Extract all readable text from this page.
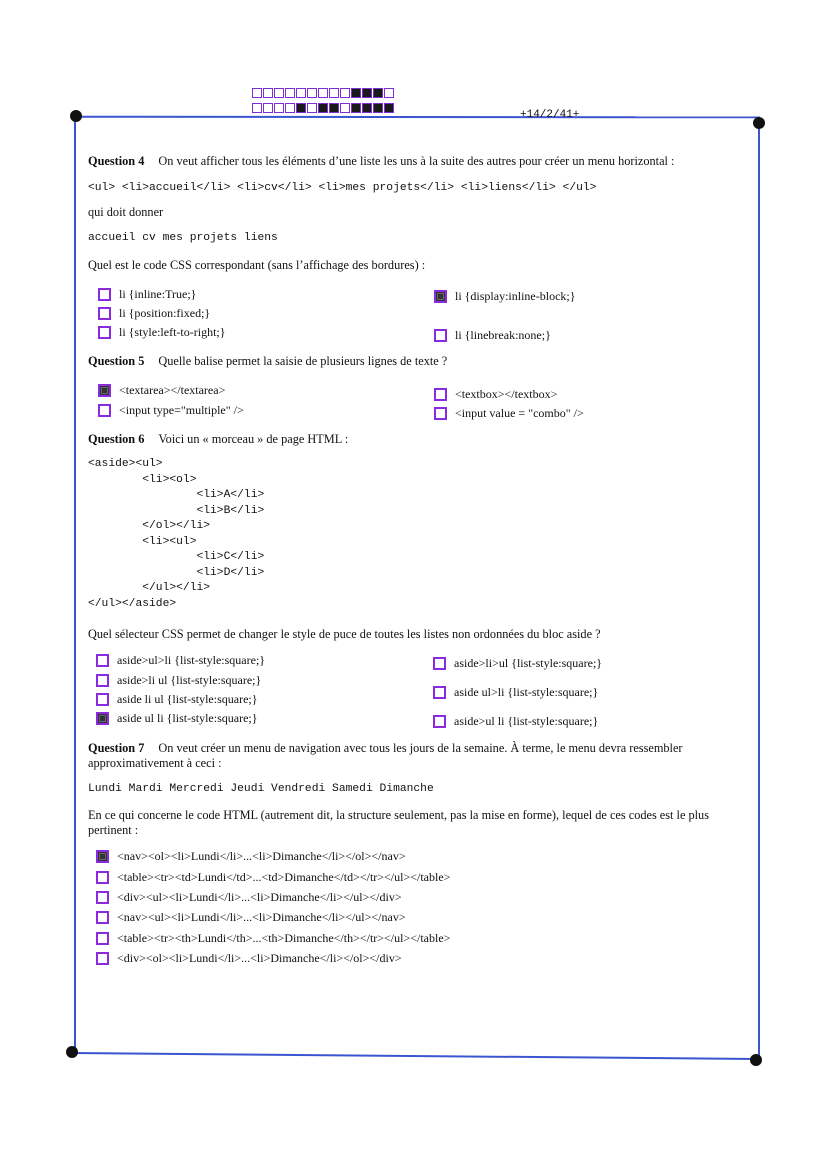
+14/2/41+
Question 4 On veut afficher tous les éléments d’une liste les uns à la suite des autres pour créer un menu horizontal :
<ul> <li>accueil</li> <li>cv</li> <li>mes projets</li> <li>liens</li> </ul>
qui doit donner
accueil cv mes projets liens
Quel est le code CSS correspondant (sans l’affichage des bordures) :
li {inline:True;}
li {position:fixed;}
li {style:left-to-right;}
li {display:inline-block;}
li {linebreak:none;}
Question 5 Quelle balise permet la saisie de plusieurs lignes de texte ?
<textarea></textarea>
<input type="multiple" />
<textbox></textbox>
<input value = "combo" />
Question 6 Voici un « morceau » de page HTML :
<aside><ul>
<li><ol>
<li>A</li>
<li>B</li>
</ol></li>
<li><ul>
<li>C</li>
<li>D</li>
</ul></li>
</ul></aside>
Quel sélecteur CSS permet de changer le style de puce de toutes les listes non ordonnées du bloc aside ?
aside>ul>li {list-style:square;}
aside>li ul {list-style:square;}
aside li ul {list-style:square;}
aside ul li {list-style:square;}
aside>li>ul {list-style:square;}
aside ul>li {list-style:square;}
aside>ul li {list-style:square;}
Question 7 On veut créer un menu de navigation avec tous les jours de la semaine. À terme, le menu devra ressembler
approximativement à ceci :
Lundi Mardi Mercredi Jeudi Vendredi Samedi Dimanche
En ce qui concerne le code HTML (autrement dit, la structure seulement, pas la mise en forme), lequel de ces codes est le plus
pertinent :
<nav><ol><li>Lundi</li>...<li>Dimanche</li></ol></nav>
<table><tr><td>Lundi</td>...<td>Dimanche</td></tr></ul></table>
<div><ul><li>Lundi</li>...<li>Dimanche</li></ul></div>
<nav><ul><li>Lundi</li>...<li>Dimanche</li></ul></nav>
<table><tr><th>Lundi</th>...<th>Dimanche</th></tr></ul></table>
<div><ol><li>Lundi</li>...<li>Dimanche</li></ol></div>
